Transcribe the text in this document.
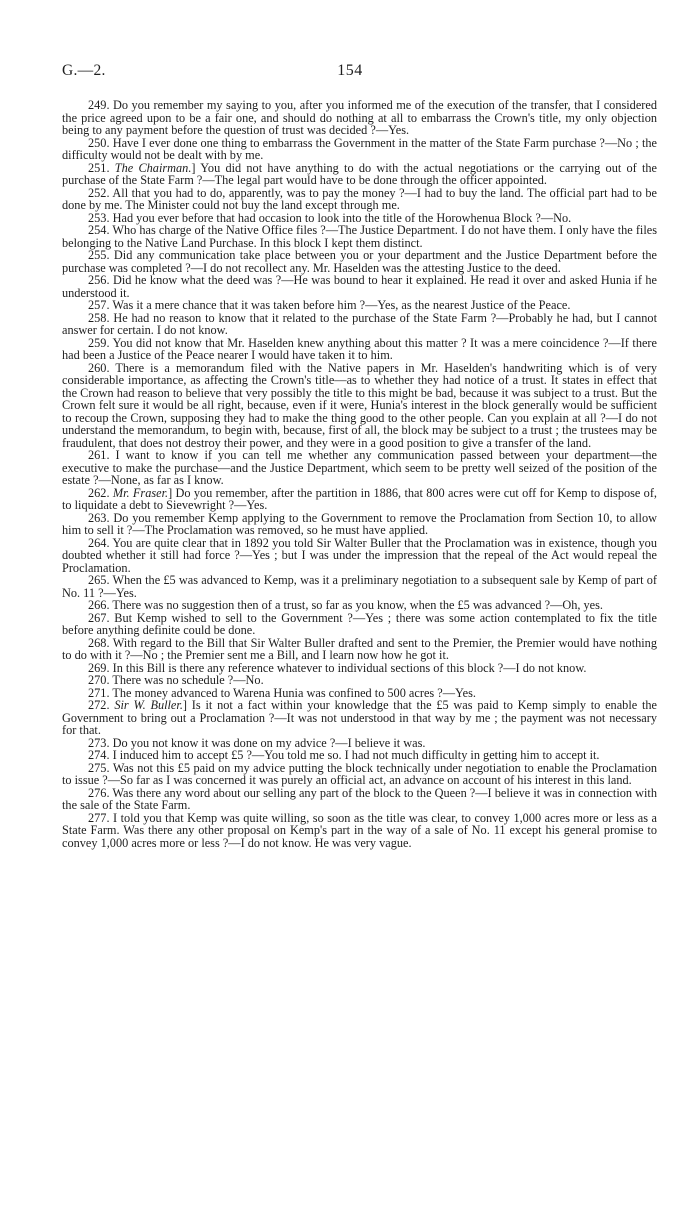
G.—2.	154

249. Do you remember my saying to you, after you informed me of the execution of the transfer, that I considered the price agreed upon to be a fair one, and should do nothing at all to embarrass the Crown's title, my only objection being to any payment before the question of trust was decided ?—Yes.

250. Have I ever done one thing to embarrass the Government in the matter of the State Farm purchase ?—No ; the difficulty would not be dealt with by me.

251. The Chairman.] You did not have anything to do with the actual negotiations or the carrying out of the purchase of the State Farm ?—The legal part would have to be done through the officer appointed.

252. All that you had to do, apparently, was to pay the money ?—I had to buy the land. The official part had to be done by me. The Minister could not buy the land except through me.

253. Had you ever before that had occasion to look into the title of the Horowhenua Block ?—No.

254. Who has charge of the Native Office files ?—The Justice Department. I do not have them. I only have the files belonging to the Native Land Purchase. In this block I kept them distinct.

255. Did any communication take place between you or your department and the Justice Department before the purchase was completed ?—I do not recollect any. Mr. Haselden was the attesting Justice to the deed.

256. Did he know what the deed was ?—He was bound to hear it explained. He read it over and asked Hunia if he understood it.

257. Was it a mere chance that it was taken before him ?—Yes, as the nearest Justice of the Peace.

258. He had no reason to know that it related to the purchase of the State Farm ?—Probably he had, but I cannot answer for certain. I do not know.

259. You did not know that Mr. Haselden knew anything about this matter ? It was a mere coincidence ?—If there had been a Justice of the Peace nearer I would have taken it to him.

260. There is a memorandum filed with the Native papers in Mr. Haselden's handwriting which is of very considerable importance, as affecting the Crown's title—as to whether they had notice of a trust. It states in effect that the Crown had reason to believe that very possibly the title to this might be bad, because it was subject to a trust. But the Crown felt sure it would be all right, because, even if it were, Hunia's interest in the block generally would be sufficient to recoup the Crown, supposing they had to make the thing good to the other people. Can you explain at all ?—I do not understand the memorandum, to begin with, because, first of all, the block may be subject to a trust ; the trustees may be fraudulent, that does not destroy their power, and they were in a good position to give a transfer of the land.

261. I want to know if you can tell me whether any communication passed between your department—the executive to make the purchase—and the Justice Department, which seem to be pretty well seized of the position of the estate ?—None, as far as I know.

262. Mr. Fraser.] Do you remember, after the partition in 1886, that 800 acres were cut off for Kemp to dispose of, to liquidate a debt to Sievewright ?—Yes.

263. Do you remember Kemp applying to the Government to remove the Proclamation from Section 10, to allow him to sell it ?—The Proclamation was removed, so he must have applied.

264. You are quite clear that in 1892 you told Sir Walter Buller that the Proclamation was in existence, though you doubted whether it still had force ?—Yes ; but I was under the impression that the repeal of the Act would repeal the Proclamation.

265. When the £5 was advanced to Kemp, was it a preliminary negotiation to a subsequent sale by Kemp of part of No. 11 ?—Yes.

266. There was no suggestion then of a trust, so far as you know, when the £5 was advanced ?—Oh, yes.

267. But Kemp wished to sell to the Government ?—Yes ; there was some action contemplated to fix the title before anything definite could be done.

268. With regard to the Bill that Sir Walter Buller drafted and sent to the Premier, the Premier would have nothing to do with it ?—No ; the Premier sent me a Bill, and I learn now how he got it.

269. In this Bill is there any reference whatever to individual sections of this block ?—I do not know.

270. There was no schedule ?—No.

271. The money advanced to Warena Hunia was confined to 500 acres ?—Yes.

272. Sir W. Buller.] Is it not a fact within your knowledge that the £5 was paid to Kemp simply to enable the Government to bring out a Proclamation ?—It was not understood in that way by me ; the payment was not necessary for that.

273. Do you not know it was done on my advice ?—I believe it was.

274. I induced him to accept £5 ?—You told me so. I had not much difficulty in getting him to accept it.

275. Was not this £5 paid on my advice putting the block technically under negotiation to enable the Proclamation to issue ?—So far as I was concerned it was purely an official act, an advance on account of his interest in this land.

276. Was there any word about our selling any part of the block to the Queen ?—I believe it was in connection with the sale of the State Farm.

277. I told you that Kemp was quite willing, so soon as the title was clear, to convey 1,000 acres more or less as a State Farm. Was there any other proposal on Kemp's part in the way of a sale of No. 11 except his general promise to convey 1,000 acres more or less ?—I do not know. He was very vague.
